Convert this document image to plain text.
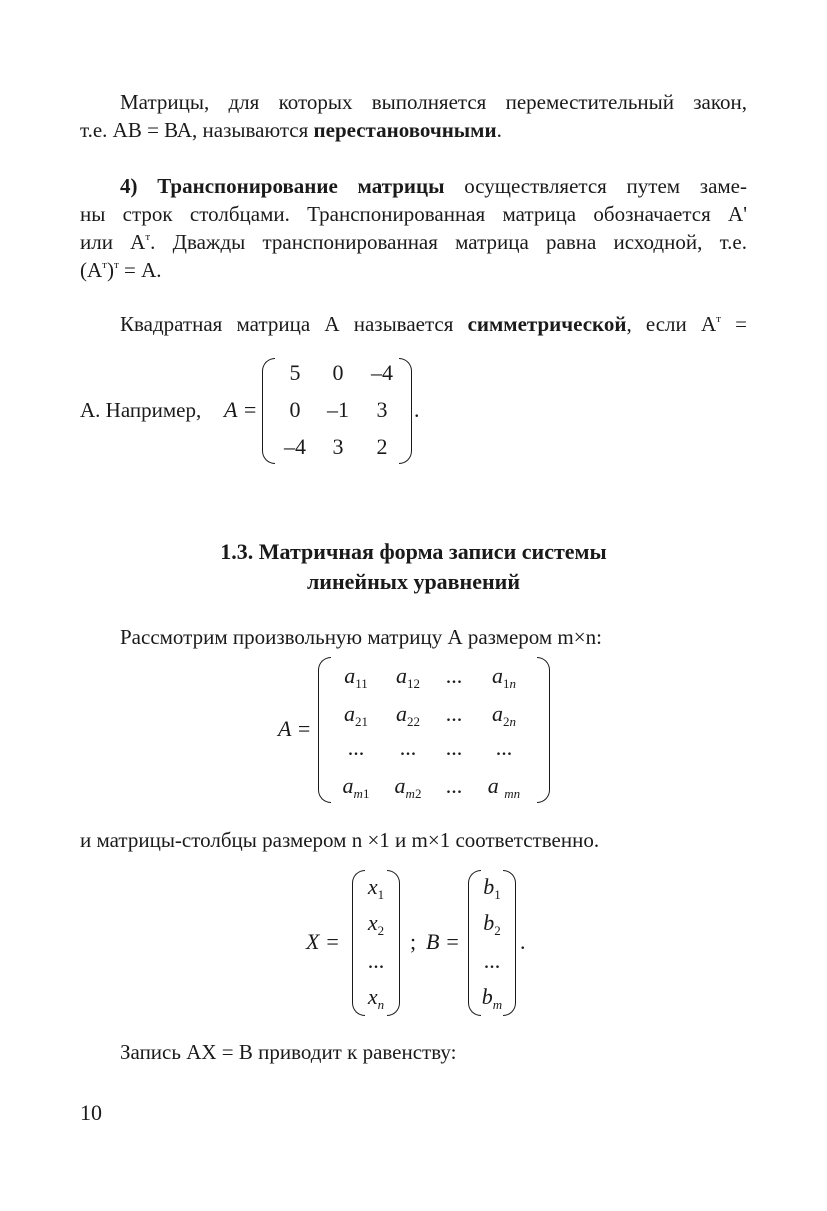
Матрицы, для которых выполняется переместительный закон,
т.е. АВ = ВА, называются перестановочными.
4) Транспонирование матрицы осуществляется путем заме-
ны строк столбцами. Транспонированная матрица обозначается А'
или $А^т$. Дважды транспонированная матрица равна исходной, т.е.
$(А^т)^т = А$.
Квадратная матрица А называется симметрической, если $А^т$ =
А. Например, A =
5	0	–4
0	–1	3
–4	3	2
.
1.3. Матричная форма записи системы
линейных уравнений
Рассмотрим произвольную матрицу А размером m×n:
A =
$a_{11}$	$a_{12}$	...	$a_{1n}$
$a_{21}$	$a_{22}$	...	$a_{2n}$
...	...	...	...
$a_{m1}$	$a_{m2}$	...	a $_{mn}$
и матрицы-столбцы размером n ×1 и m×1 соответственно.
X =
$x_1$
$x_2$
...
$x_n$
; B =
$b_1$
$b_2$
...
$b_m$
.
Запись АХ = В приводит к равенству:
10
